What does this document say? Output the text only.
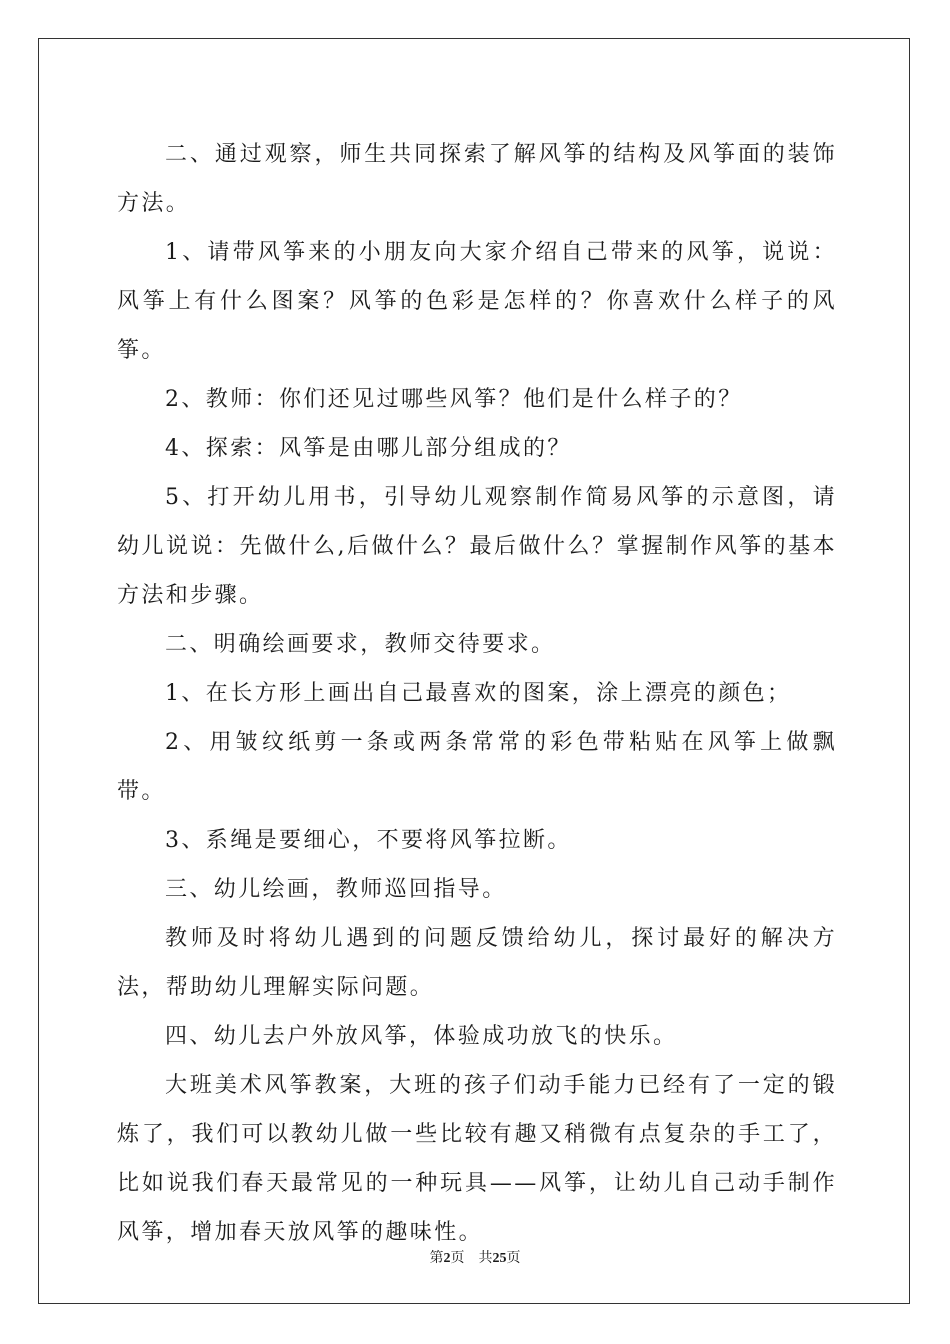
二、通过观察，师生共同探索了解风筝的结构及风筝面的装饰方法。

1、请带风筝来的小朋友向大家介绍自己带来的风筝，说说：风筝上有什么图案？风筝的色彩是怎样的？你喜欢什么样子的风筝。

2、教师：你们还见过哪些风筝？他们是什么样子的？

4、探索：风筝是由哪儿部分组成的？

5、打开幼儿用书，引导幼儿观察制作简易风筝的示意图，请幼儿说说：先做什么,后做什么？最后做什么？掌握制作风筝的基本方法和步骤。

二、明确绘画要求，教师交待要求。

1、在长方形上画出自己最喜欢的图案，涂上漂亮的颜色；

2、用皱纹纸剪一条或两条常常的彩色带粘贴在风筝上做飘带。

3、系绳是要细心，不要将风筝拉断。

三、幼儿绘画，教师巡回指导。

教师及时将幼儿遇到的问题反馈给幼儿，探讨最好的解决方法，帮助幼儿理解实际问题。

四、幼儿去户外放风筝，体验成功放飞的快乐。

大班美术风筝教案，大班的孩子们动手能力已经有了一定的锻炼了，我们可以教幼儿做一些比较有趣又稍微有点复杂的手工了，比如说我们春天最常见的一种玩具——风筝，让幼儿自己动手制作风筝，增加春天放风筝的趣味性。

第2页 共25页
